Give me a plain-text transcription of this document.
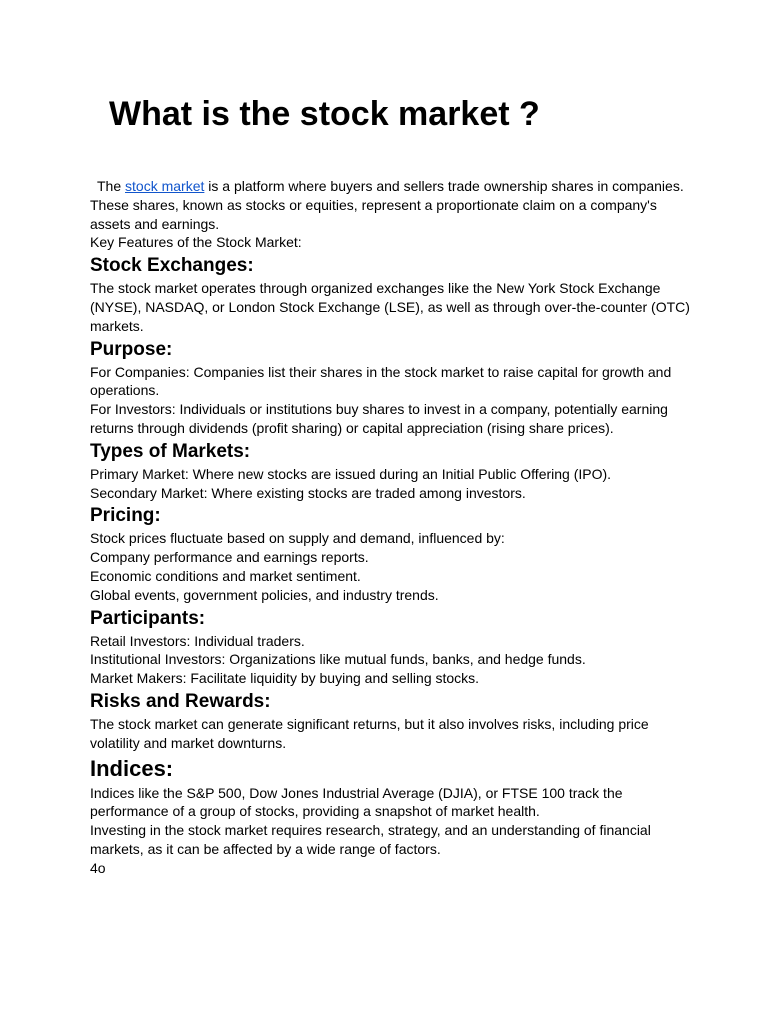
What is the stock market ?

The stock market is a platform where buyers and sellers trade ownership shares in companies. These shares, known as stocks or equities, represent a proportionate claim on a company's assets and earnings.

Key Features of the Stock Market:

Stock Exchanges:

The stock market operates through organized exchanges like the New York Stock Exchange (NYSE), NASDAQ, or London Stock Exchange (LSE), as well as through over-the-counter (OTC) markets.

Purpose:

For Companies: Companies list their shares in the stock market to raise capital for growth and operations.

For Investors: Individuals or institutions buy shares to invest in a company, potentially earning returns through dividends (profit sharing) or capital appreciation (rising share prices).

Types of Markets:

Primary Market: Where new stocks are issued during an Initial Public Offering (IPO).

Secondary Market: Where existing stocks are traded among investors.

Pricing:

Stock prices fluctuate based on supply and demand, influenced by:

Company performance and earnings reports.

Economic conditions and market sentiment.

Global events, government policies, and industry trends.

Participants:

Retail Investors: Individual traders.

Institutional Investors: Organizations like mutual funds, banks, and hedge funds.

Market Makers: Facilitate liquidity by buying and selling stocks.

Risks and Rewards:

The stock market can generate significant returns, but it also involves risks, including price volatility and market downturns.

Indices:

Indices like the S&P 500, Dow Jones Industrial Average (DJIA), or FTSE 100 track the performance of a group of stocks, providing a snapshot of market health.

Investing in the stock market requires research, strategy, and an understanding of financial markets, as it can be affected by a wide range of factors.

4o
